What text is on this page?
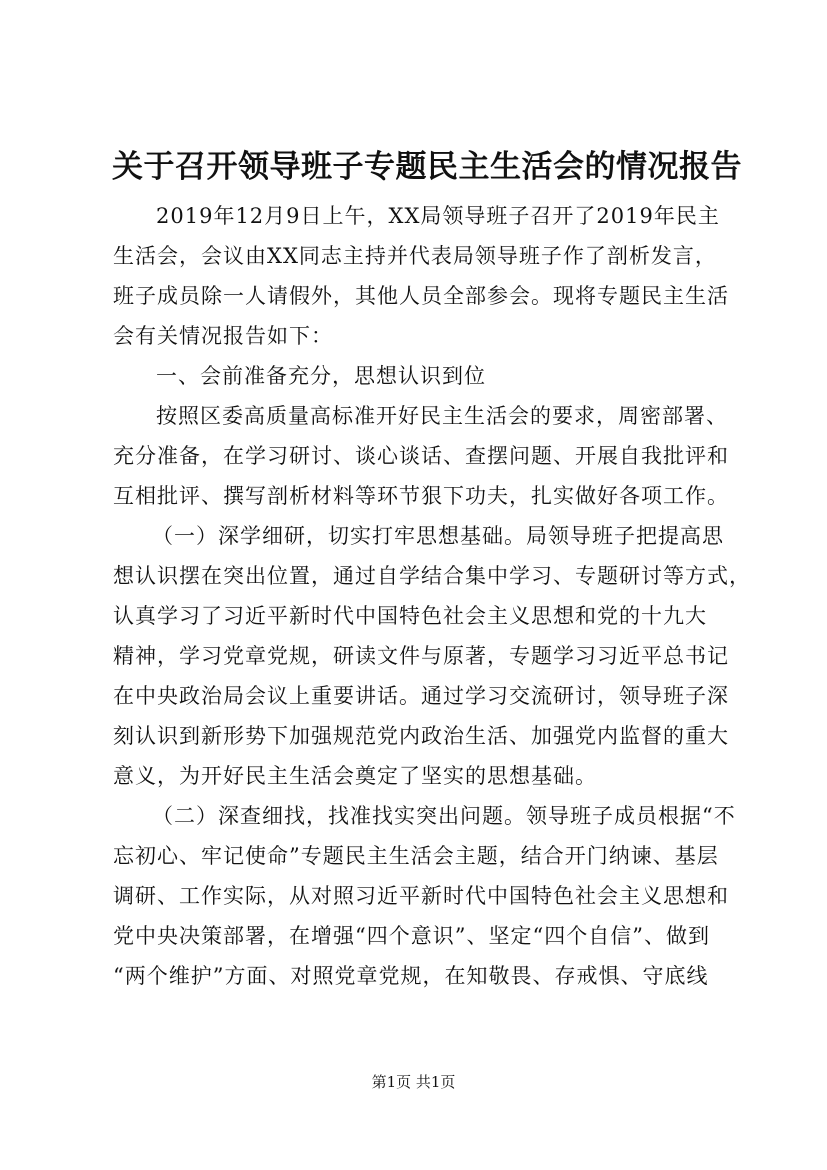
关于召开领导班子专题民主生活会的情况报告
2019年12月9日上午，XX局领导班子召开了2019年民主
生活会，会议由XX同志主持并代表局领导班子作了剖析发言，
班子成员除一人请假外，其他人员全部参会。现将专题民主生活
会有关情况报告如下：
一、会前准备充分，思想认识到位
按照区委高质量高标准开好民主生活会的要求，周密部署、
充分准备，在学习研讨、谈心谈话、查摆问题、开展自我批评和
互相批评、撰写剖析材料等环节狠下功夫，扎实做好各项工作。
（一）深学细研，切实打牢思想基础。局领导班子把提高思
想认识摆在突出位置，通过自学结合集中学习、专题研讨等方式，
认真学习了习近平新时代中国特色社会主义思想和党的十九大
精神，学习党章党规，研读文件与原著，专题学习习近平总书记
在中央政治局会议上重要讲话。通过学习交流研讨，领导班子深
刻认识到新形势下加强规范党内政治生活、加强党内监督的重大
意义，为开好民主生活会奠定了坚实的思想基础。
（二）深查细找，找准找实突出问题。领导班子成员根据“不
忘初心、牢记使命”专题民主生活会主题，结合开门纳谏、基层
调研、工作实际，从对照习近平新时代中国特色社会主义思想和
党中央决策部署，在增强“四个意识”、坚定“四个自信”、做到
“两个维护”方面、对照党章党规，在知敬畏、存戒惧、守底线
第1页 共1页
